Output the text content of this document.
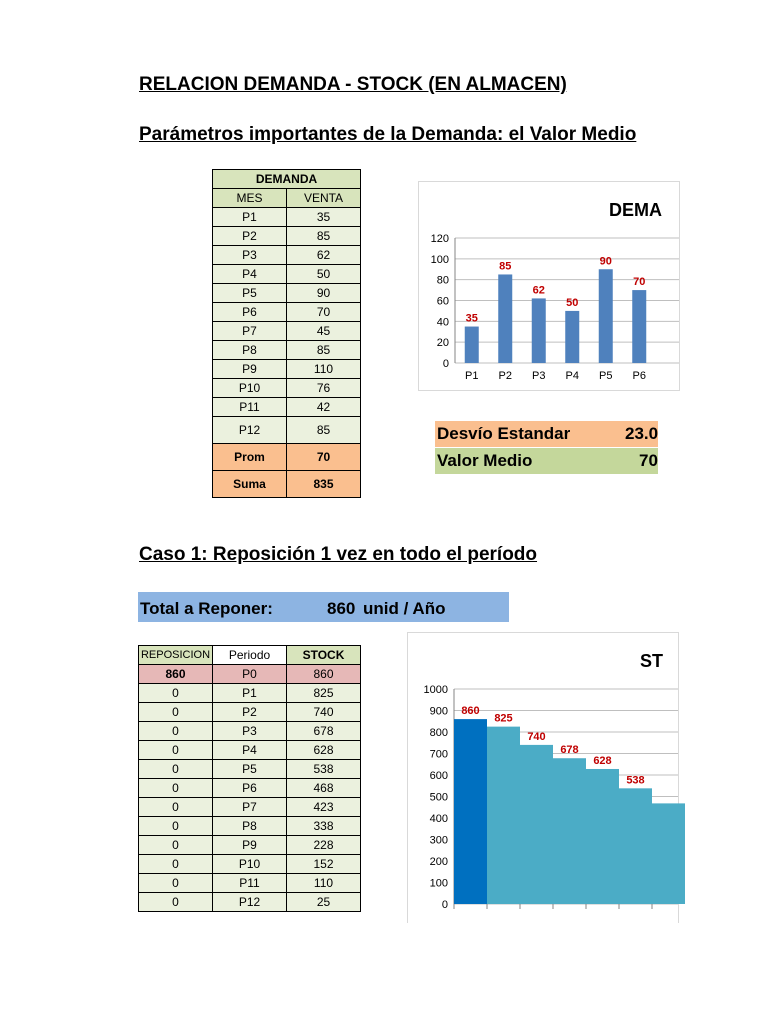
RELACION DEMANDA - STOCK (EN ALMACEN)
Parámetros importantes de la Demanda: el Valor Medio
DEMANDA	
MES	VENTA
P1	35
P2	85
P3	62
P4	50
P5	90
P6	70
P7	45
P8	85
P9	110
P10	76
P11	42
P12	85
Prom	70
Suma	835
DEMA
0
20
40
60
80
100
120
35
P1
85
P2
62
P3
50
P4
90
P5
70
P6
Desvío Estandar	23.0
Valor Medio	70
Caso 1: Reposición 1 vez en todo el período
Total a Reponer:	860 unid / Año
REPOSICION	Periodo	STOCK
860	P0	860
0	P1	825
0	P2	740
0	P3	678
0	P4	628
0	P5	538
0	P6	468
0	P7	423
0	P8	338
0	P9	228
0	P10	152
0	P11	110
0	P12	25
ST
0
100
200
300
400
500
600
700
800
900
1000
860
825
740
678
628
538
